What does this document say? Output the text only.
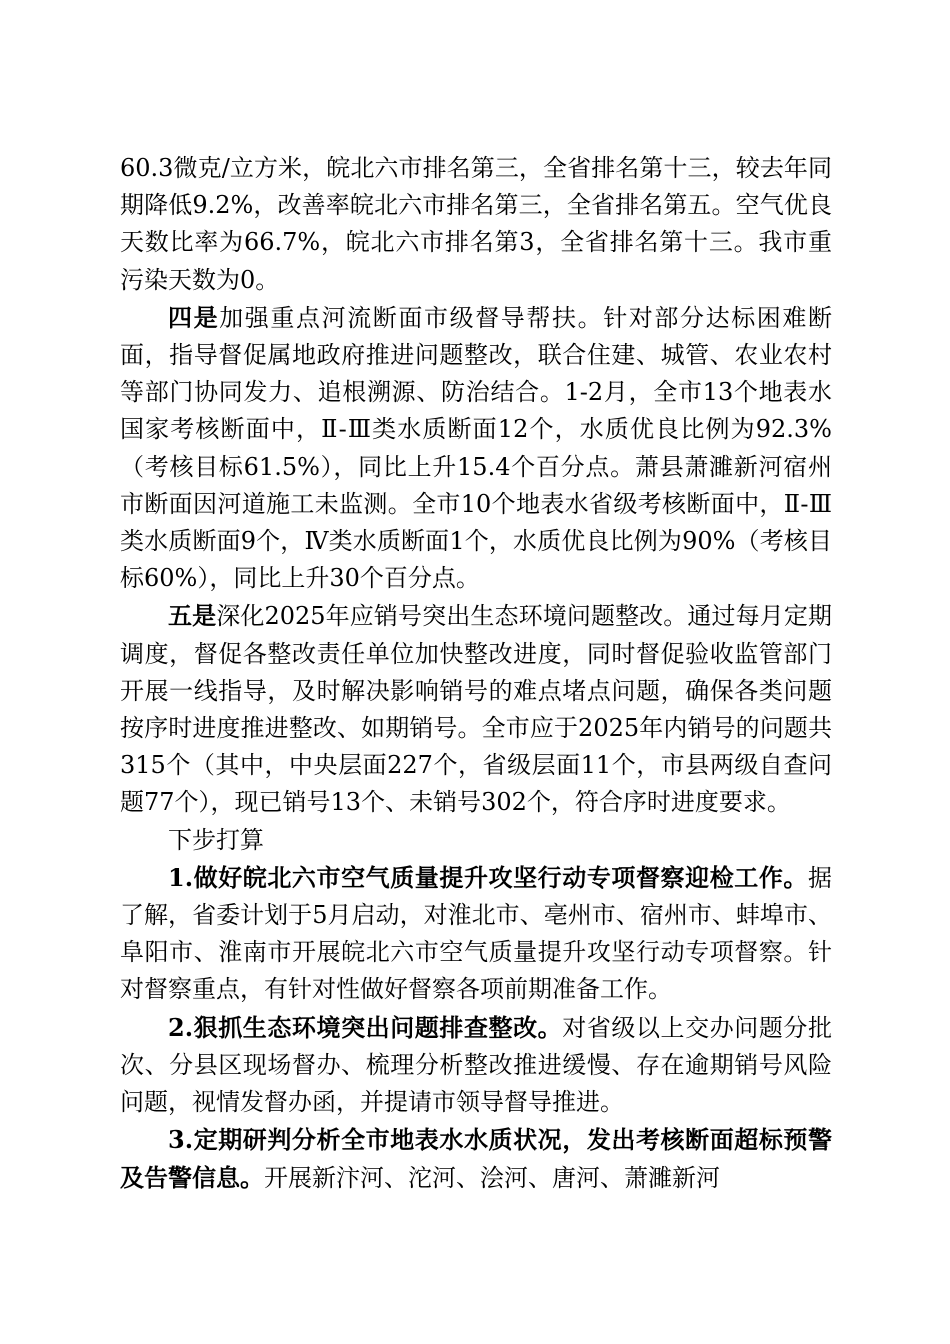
60.3微克/立方米，皖北六市排名第三，全省排名第十三，较去年同期降低9.2%，改善率皖北六市排名第三，全省排名第五。空气优良天数比率为66.7%，皖北六市排名第3，全省排名第十三。我市重污染天数为0。

四是加强重点河流断面市级督导帮扶。针对部分达标困难断面，指导督促属地政府推进问题整改，联合住建、城管、农业农村等部门协同发力、追根溯源、防治结合。1-2月，全市13个地表水国家考核断面中，Ⅱ-Ⅲ类水质断面12个，水质优良比例为92.3%（考核目标61.5%），同比上升15.4个百分点。萧县萧濉新河宿州市断面因河道施工未监测。全市10个地表水省级考核断面中，Ⅱ-Ⅲ类水质断面9个，Ⅳ类水质断面1个，水质优良比例为90%（考核目标60%），同比上升30个百分点。

五是深化2025年应销号突出生态环境问题整改。通过每月定期调度，督促各整改责任单位加快整改进度，同时督促验收监管部门开展一线指导，及时解决影响销号的难点堵点问题，确保各类问题按序时进度推进整改、如期销号。全市应于2025年内销号的问题共315个（其中，中央层面227个，省级层面11个，市县两级自查问题77个），现已销号13个、未销号302个，符合序时进度要求。

下步打算

1.做好皖北六市空气质量提升攻坚行动专项督察迎检工作。据了解，省委计划于5月启动，对淮北市、亳州市、宿州市、蚌埠市、阜阳市、淮南市开展皖北六市空气质量提升攻坚行动专项督察。针对督察重点，有针对性做好督察各项前期准备工作。

2.狠抓生态环境突出问题排查整改。对省级以上交办问题分批次、分县区现场督办、梳理分析整改推进缓慢、存在逾期销号风险问题，视情发督办函，并提请市领导督导推进。

3.定期研判分析全市地表水水质状况，发出考核断面超标预警及告警信息。开展新汴河、沱河、浍河、唐河、萧濉新河
